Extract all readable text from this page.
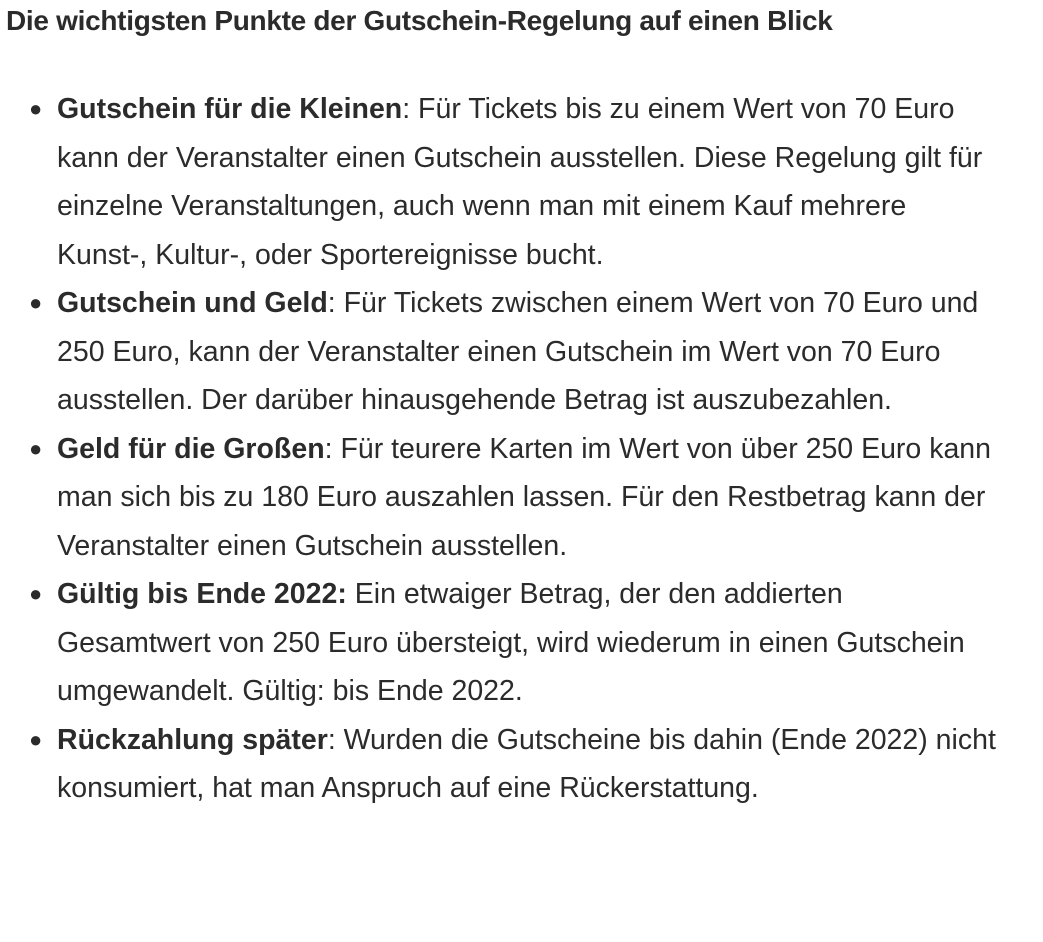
Die wichtigsten Punkte der Gutschein-Regelung auf einen Blick
● Gutschein für die Kleinen: Für Tickets bis zu einem Wert von 70 Euro kann der Veranstalter einen Gutschein ausstellen. Diese Regelung gilt für einzelne Veranstaltungen, auch wenn man mit einem Kauf mehrere Kunst-, Kultur-, oder Sportereignisse bucht.
● Gutschein und Geld: Für Tickets zwischen einem Wert von 70 Euro und 250 Euro, kann der Veranstalter einen Gutschein im Wert von 70 Euro ausstellen. Der darüber hinausgehende Betrag ist auszubezahlen.
● Geld für die Großen: Für teurere Karten im Wert von über 250 Euro kann man sich bis zu 180 Euro auszahlen lassen. Für den Restbetrag kann der Veranstalter einen Gutschein ausstellen.
● Gültig bis Ende 2022: Ein etwaiger Betrag, der den addierten Gesamtwert von 250 Euro übersteigt, wird wiederum in einen Gutschein umgewandelt. Gültig: bis Ende 2022.
● Rückzahlung später: Wurden die Gutscheine bis dahin (Ende 2022) nicht konsumiert, hat man Anspruch auf eine Rückerstattung.
